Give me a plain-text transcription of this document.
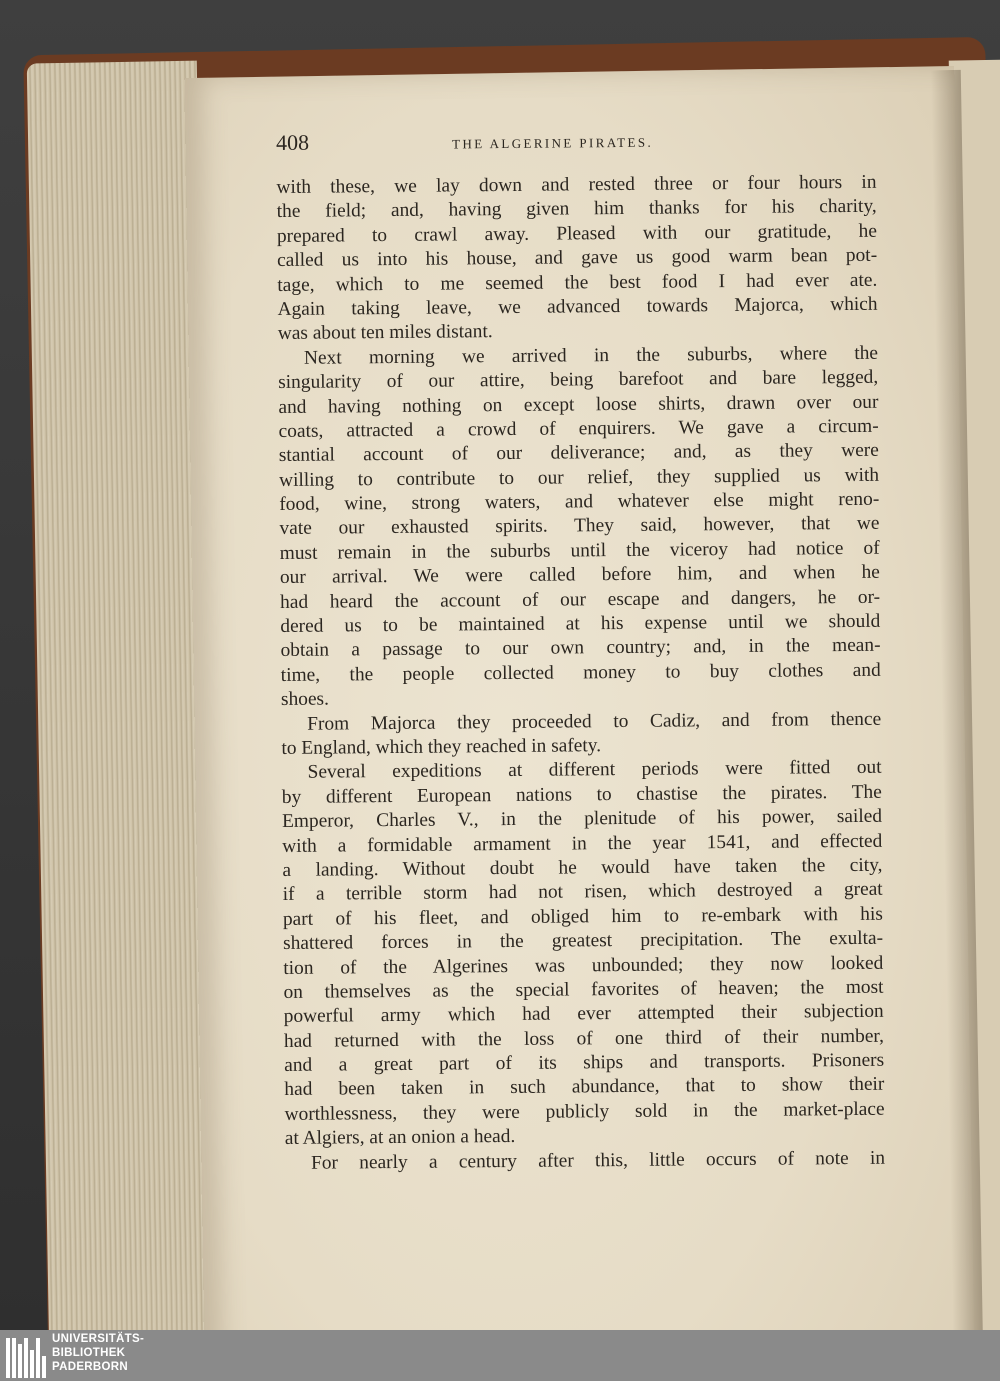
408	THE ALGERINE PIRATES.
with these, we lay down and rested three or four hours in
the field; and, having given him thanks for his charity,
prepared to crawl away. Pleased with our gratitude, he
called us into his house, and gave us good warm bean pot-
tage, which to me seemed the best food I had ever ate.
Again taking leave, we advanced towards Majorca, which
was about ten miles distant.
Next morning we arrived in the suburbs, where the
singularity of our attire, being barefoot and bare legged,
and having nothing on except loose shirts, drawn over our
coats, attracted a crowd of enquirers. We gave a circum-
stantial account of our deliverance; and, as they were
willing to contribute to our relief, they supplied us with
food, wine, strong waters, and whatever else might reno-
vate our exhausted spirits. They said, however, that we
must remain in the suburbs until the viceroy had notice of
our arrival. We were called before him, and when he
had heard the account of our escape and dangers, he or-
dered us to be maintained at his expense until we should
obtain a passage to our own country; and, in the mean-
time, the people collected money to buy clothes and
shoes.
From Majorca they proceeded to Cadiz, and from thence
to England, which they reached in safety.
Several expeditions at different periods were fitted out
by different European nations to chastise the pirates. The
Emperor, Charles V., in the plenitude of his power, sailed
with a formidable armament in the year 1541, and effected
a landing. Without doubt he would have taken the city,
if a terrible storm had not risen, which destroyed a great
part of his fleet, and obliged him to re-embark with his
shattered forces in the greatest precipitation. The exulta-
tion of the Algerines was unbounded; they now looked
on themselves as the special favorites of heaven; the most
powerful army which had ever attempted their subjection
had returned with the loss of one third of their number,
and a great part of its ships and transports. Prisoners
had been taken in such abundance, that to show their
worthlessness, they were publicly sold in the market-place
at Algiers, at an onion a head.
For nearly a century after this, little occurs of note in
UNIVERSITÄTS-
BIBLIOTHEK
PADERBORN
